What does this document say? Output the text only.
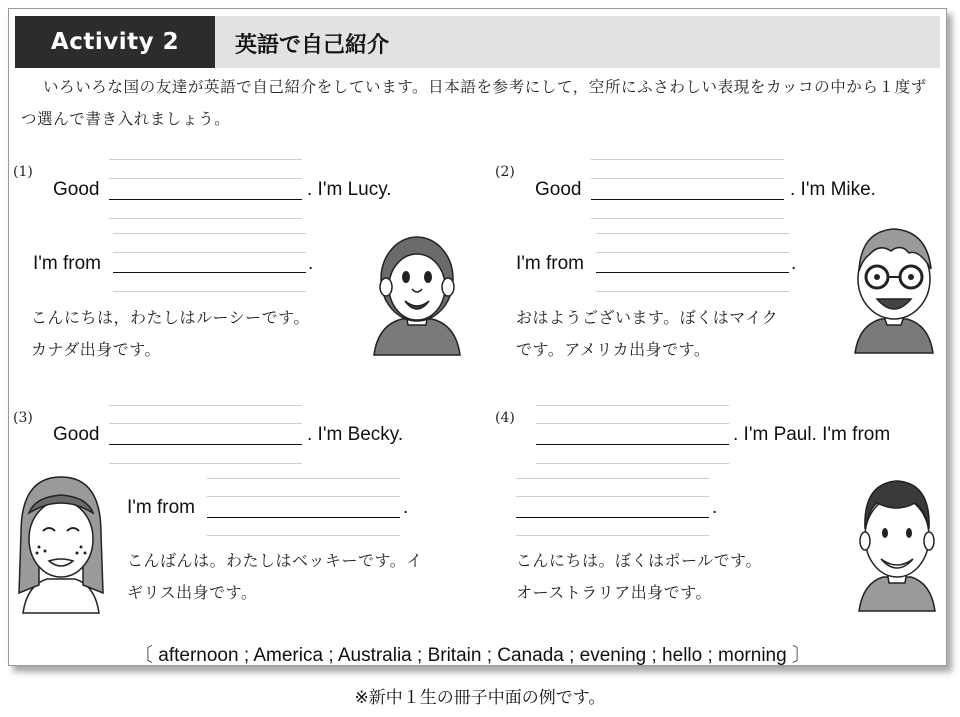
Activity 2	英語で自己紹介
いろいろな国の友達が英語で自己紹介をしています。日本語を参考にして，空所にふさわしい表現をカッコの中から１度ずつ選んで書き入れましょう。
(1)
Good	. I'm Lucy.
I'm from	.
こんにちは，わたしはルーシーです。
カナダ出身です。
(2)
Good	. I'm Mike.
I'm from	.
おはようございます。ぼくはマイク
です。アメリカ出身です。
(3)
Good	. I'm Becky.
I'm from	.
こんばんは。わたしはベッキーです。イ
ギリス出身です。
(4)
. I'm Paul. I'm from
.
こんにちは。ぼくはポールです。
オーストラリア出身です。
〔 afternoon ; America ; Australia ; Britain ; Canada ; evening ; hello ; morning 〕
※新中１生の冊子中面の例です。
